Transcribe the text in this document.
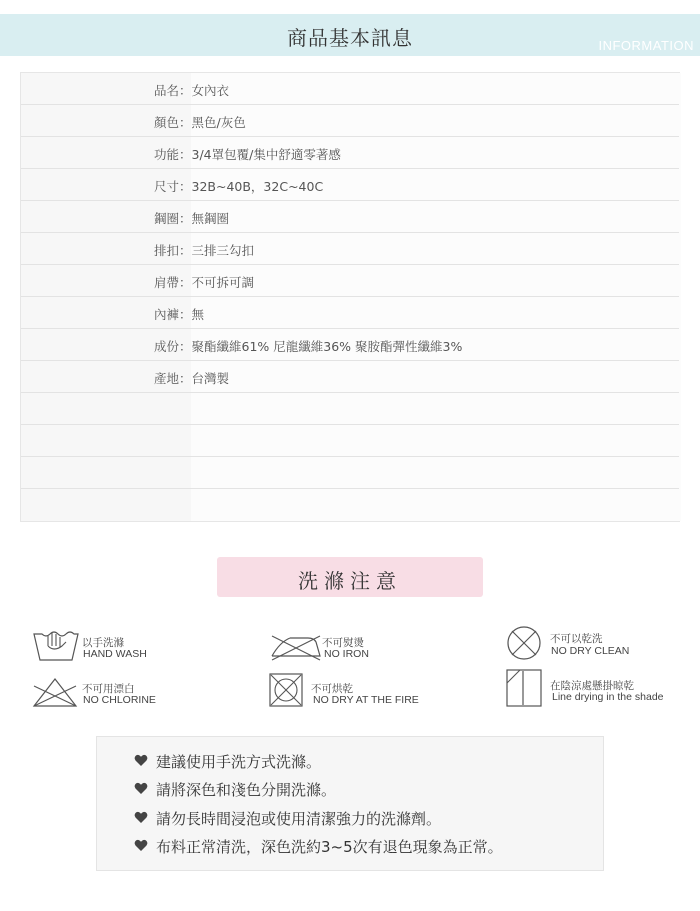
商品基本訊息	INFORMATION
品名：女內衣
顏色：黑色/灰色
功能：3/4罩包覆/集中舒適零著感
尺寸：32B~40B，32C~40C
鋼圈：無鋼圈
排扣：三排三勾扣
肩帶：不可拆可調
內褲：無
成份：聚酯纖維61% 尼龍纖維36% 聚胺酯彈性纖維3%
產地：台灣製
洗滌注意
以手洗滌
HAND WASH
不可熨燙
NO IRON
不可以乾洗
NO DRY CLEAN
不可用漂白
NO CHLORINE
不可烘乾
NO DRY AT THE FIRE
在陰涼處懸掛晾乾
Line drying in the shade
建議使用手洗方式洗滌。
請將深色和淺色分開洗滌。
請勿長時間浸泡或使用清潔強力的洗滌劑。
布料正常清洗，深色洗約3~5次有退色現象為正常。
